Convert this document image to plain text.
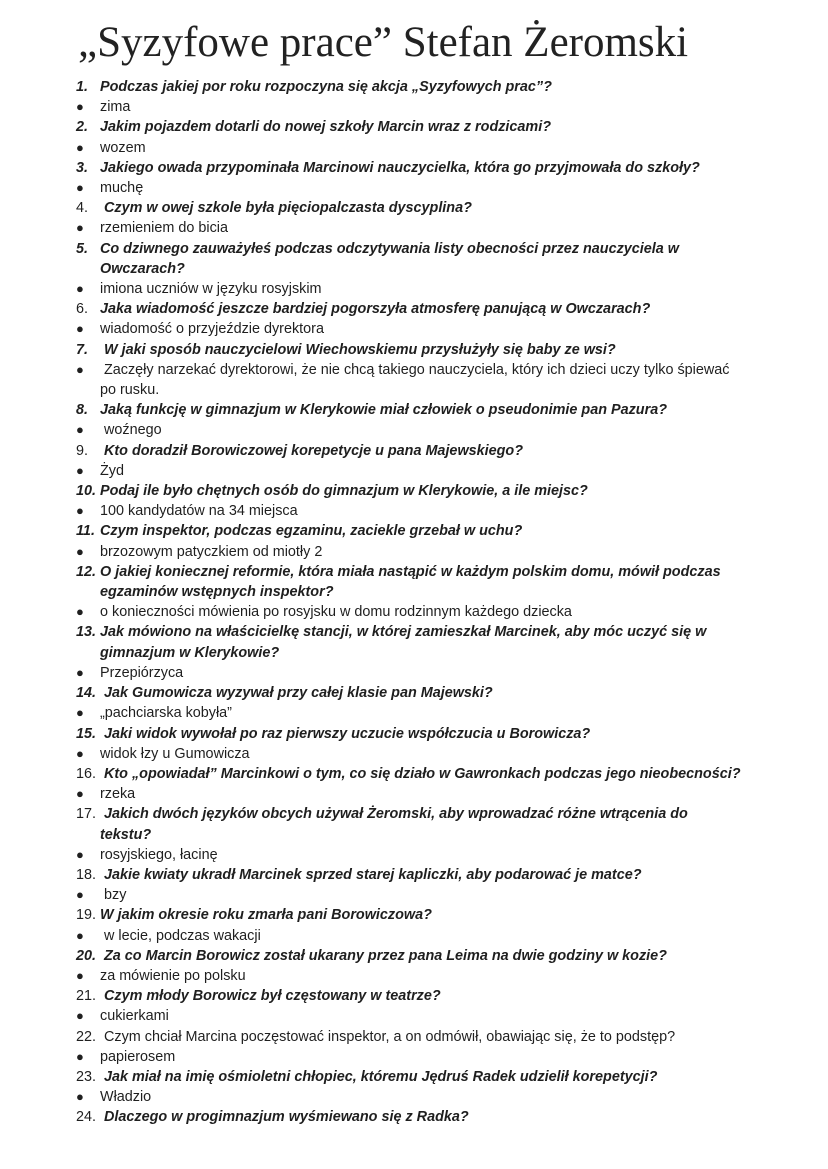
„Syzyfowe prace” Stefan Żeromski
1. Podczas jakiej por roku rozpoczyna się akcja „Syzyfowych prac”?
●	zima
2. Jakim pojazdem dotarli do nowej szkoły Marcin wraz z rodzicami?
●	wozem
3. Jakiego owada przypominała Marcinowi nauczycielka, która go przyjmowała do szkoły?
●	muchę
4. Czym w owej szkole była pięciopalczasta dyscyplina?
●	rzemieniem do bicia
5. Co dziwnego zauważyłeś podczas odczytywania listy obecności przez nauczyciela w
Owczarach?
●	imiona uczniów w języku rosyjskim
6. Jaka wiadomość jeszcze bardziej pogorszyła atmosferę panującą w Owczarach?
●	wiadomość o przyjeździe dyrektora
7. W jaki sposób nauczycielowi Wiechowskiemu przysłużyły się baby ze wsi?
●	Zaczęły narzekać dyrektorowi, że nie chcą takiego nauczyciela, który ich dzieci uczy tylko śpiewać
po rusku.
8. Jaką funkcję w gimnazjum w Klerykowie miał człowiek o pseudonimie pan Pazura?
●	woźnego
9. Kto doradził Borowiczowej korepetycje u pana Majewskiego?
●	Żyd
10. Podaj ile było chętnych osób do gimnazjum w Klerykowie, a ile miejsc?
●	100 kandydatów na 34 miejsca
11. Czym inspektor, podczas egzaminu, zaciekle grzebał w uchu?
●	brzozowym patyczkiem od miotły 2
12. O jakiej koniecznej reformie, która miała nastąpić w każdym polskim domu, mówił podczas
egzaminów wstępnych inspektor?
●	o konieczności mówienia po rosyjsku w domu rodzinnym każdego dziecka
13. Jak mówiono na właścicielkę stancji, w której zamieszkał Marcinek, aby móc uczyć się w
gimnazjum w Klerykowie?
●	Przepiórzyca
14. Jak Gumowicza wyzywał przy całej klasie pan Majewski?
●	„pachciarska kobyła”
15. Jaki widok wywołał po raz pierwszy uczucie współczucia u Borowicza?
●	widok łzy u Gumowicza
16. Kto „opowiadał” Marcinkowi o tym, co się działo w Gawronkach podczas jego nieobecności?
●	rzeka
17. Jakich dwóch języków obcych używał Żeromski, aby wprowadzać różne wtrącenia do
tekstu?
●	rosyjskiego, łacinę
18. Jakie kwiaty ukradł Marcinek sprzed starej kapliczki, aby podarować je matce?
●	bzy
19. W jakim okresie roku zmarła pani Borowiczowa?
●	w lecie, podczas wakacji
20. Za co Marcin Borowicz został ukarany przez pana Leima na dwie godziny w kozie?
●	za mówienie po polsku
21. Czym młody Borowicz był częstowany w teatrze?
●	cukierkami
22. Czym chciał Marcina poczęstować inspektor, a on odmówił, obawiając się, że to podstęp?
●	papierosem
23. Jak miał na imię ośmioletni chłopiec, któremu Jędruś Radek udzielił korepetycji?
●	Władzio
24. Dlaczego w progimnazjum wyśmiewano się z Radka?
